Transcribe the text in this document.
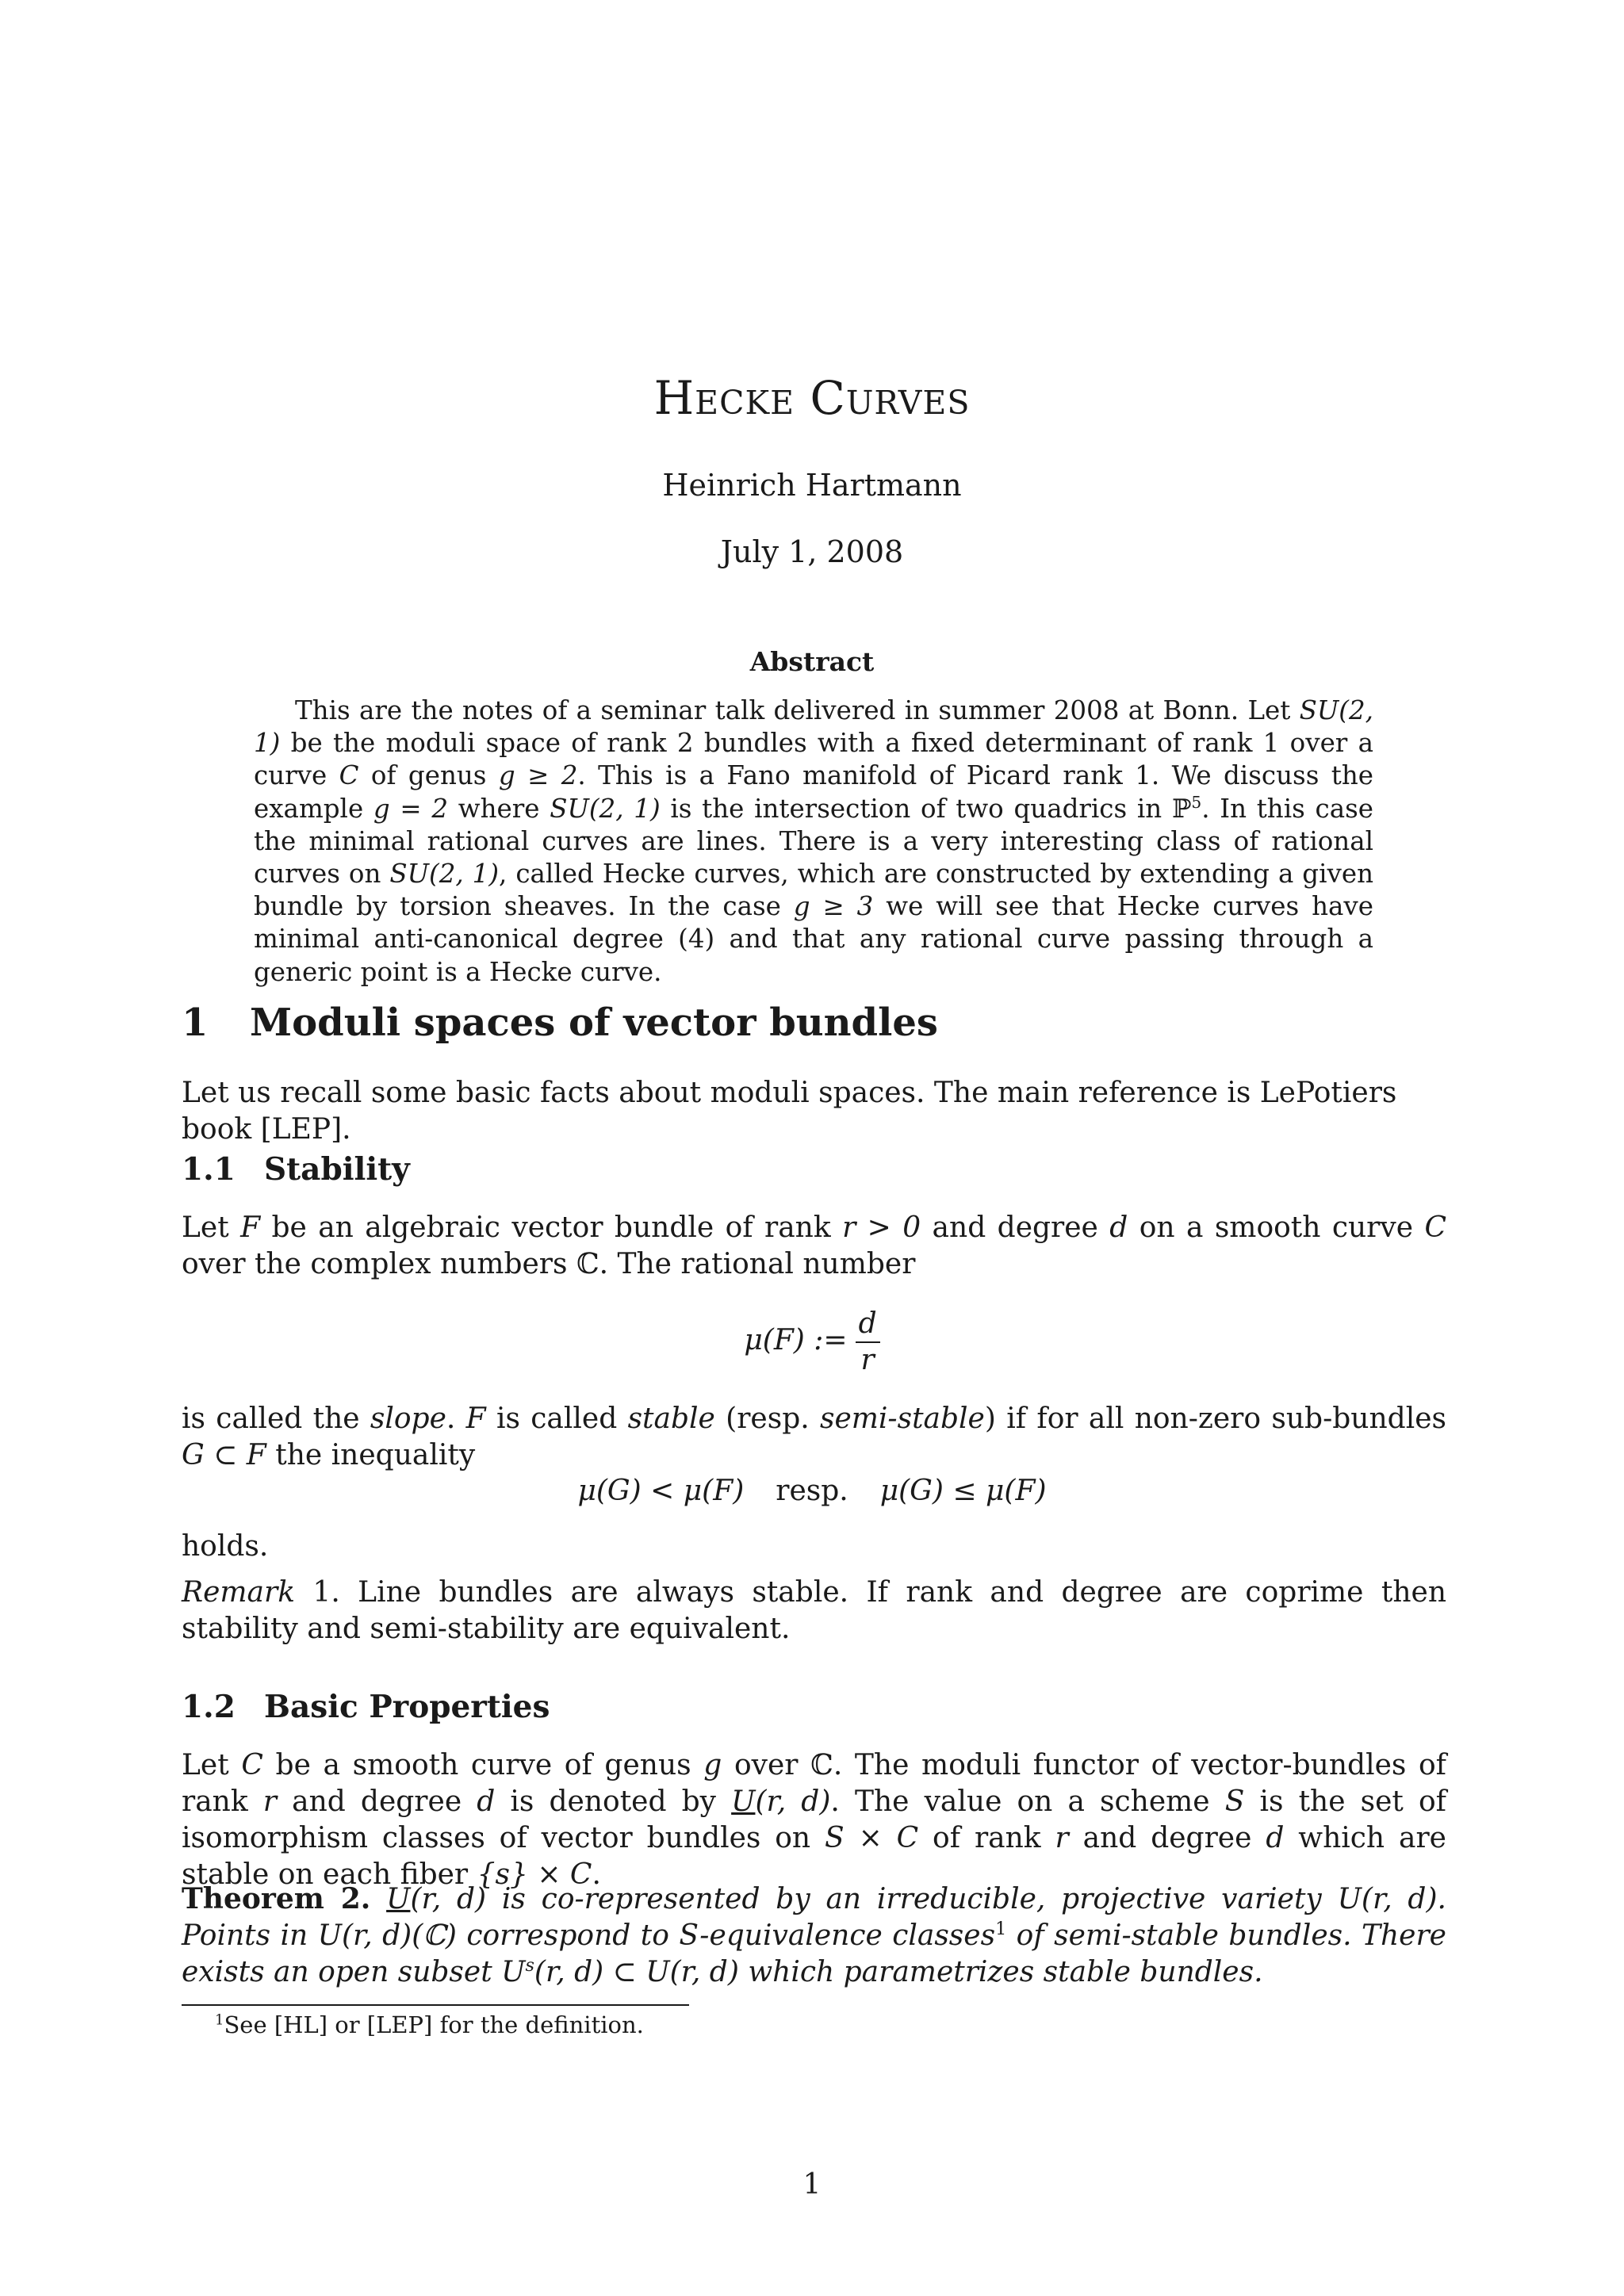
Hecke Curves
Heinrich Hartmann
July 1, 2008
Abstract
This are the notes of a seminar talk delivered in summer 2008 at Bonn. Let SU(2, 1) be the moduli space of rank 2 bundles with a fixed determinant of rank 1 over a curve C of genus g ≥ 2. This is a Fano manifold of Picard rank 1. We discuss the example g = 2 where SU(2, 1) is the intersection of two quadrics in ℙ$^5$. In this case the minimal rational curves are lines. There is a very interesting class of rational curves on SU(2, 1), called Hecke curves, which are constructed by extending a given bundle by torsion sheaves. In the case g ≥ 3 we will see that Hecke curves have minimal anti-canonical degree (4) and that any rational curve passing through a generic point is a Hecke curve.
1 Moduli spaces of vector bundles
Let us recall some basic facts about moduli spaces. The main reference is LePotiers book [LEP].
1.1 Stability
Let F be an algebraic vector bundle of rank r > 0 and degree d on a smooth curve C over the complex numbers ℂ. The rational number
μ(F) := $\frac{d}{r}$
is called the slope. F is called stable (resp. semi-stable) if for all non-zero sub-bundles G ⊂ F the inequality
μ(G) < μ(F) resp. μ(G) ≤ μ(F)
holds.
Remark 1. Line bundles are always stable. If rank and degree are coprime then stability and semi-stability are equivalent.
1.2 Basic Properties
Let C be a smooth curve of genus g over ℂ. The moduli functor of vector-bundles of rank r and degree d is denoted by U(r, d). The value on a scheme S is the set of isomorphism classes of vector bundles on S × C of rank r and degree d which are stable on each fiber {s} × C.
Theorem 2. U(r, d) is co-represented by an irreducible, projective variety U(r, d). Points in U(r, d)(ℂ) correspond to S-equivalence classes$^1$ of semi-stable bundles. There exists an open subset $U^s(r$, d) ⊂ U(r, d) which parametrizes stable bundles.
$^1$See [HL] or [LEP] for the definition.
1
